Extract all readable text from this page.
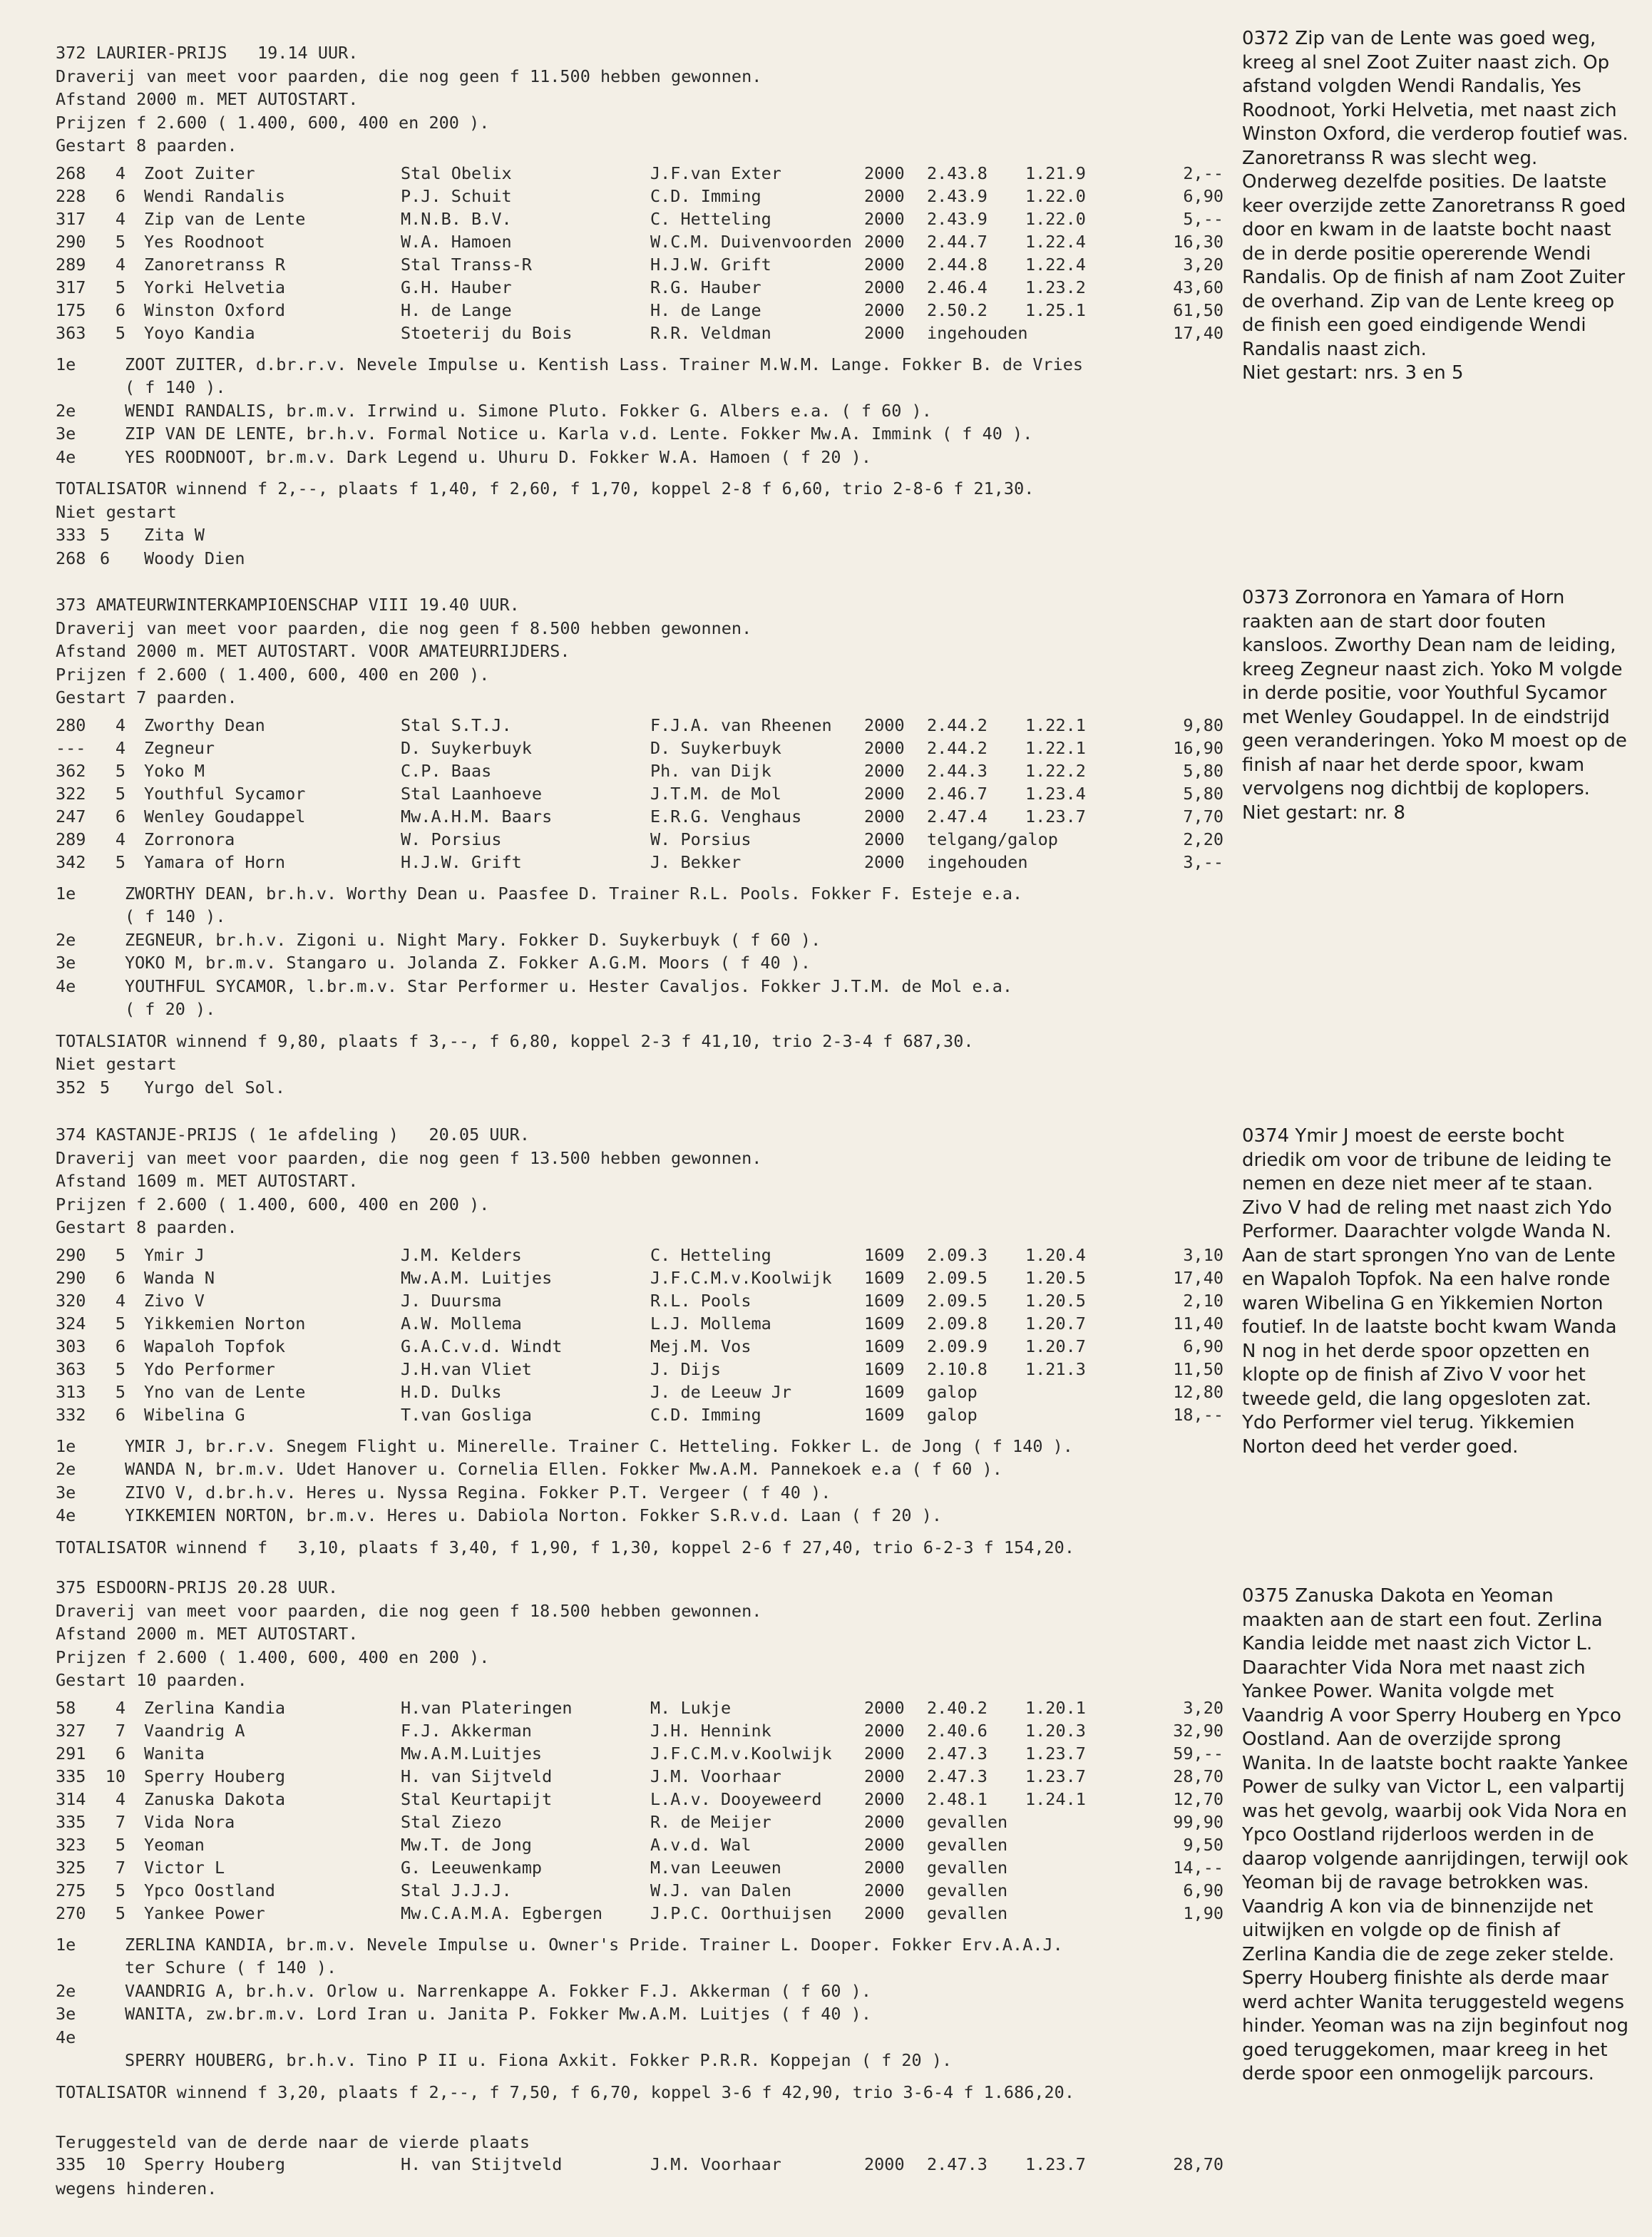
372 LAURIER-PRIJS   19.14 UUR.
Draverij van meet voor paarden, die nog geen f 11.500 hebben gewonnen.
Afstand 2000 m. MET AUTOSTART.
Prijzen f 2.600 ( 1.400, 600, 400 en 200 ).
Gestart 8 paarden.
268	4	Zoot Zuiter	Stal Obelix	J.F.van Exter	2000	2.43.8	1.21.9	2,--
228	6	Wendi Randalis	P.J. Schuit	C.D. Imming	2000	2.43.9	1.22.0	6,90
317	4	Zip van de Lente	M.N.B. B.V.	C. Hetteling	2000	2.43.9	1.22.0	5,--
290	5	Yes Roodnoot	W.A. Hamoen	W.C.M. Duivenvoorden	2000	2.44.7	1.22.4	16,30
289	4	Zanoretranss R	Stal Transs-R	H.J.W. Grift	2000	2.44.8	1.22.4	3,20
317	5	Yorki Helvetia	G.H. Hauber	R.G. Hauber	2000	2.46.4	1.23.2	43,60
175	6	Winston Oxford	H. de Lange	H. de Lange	2000	2.50.2	1.25.1	61,50
363	5	Yoyo Kandia	Stoeterij du Bois	R.R. Veldman	2000	ingehouden		17,40
1e	ZOOT ZUITER, d.br.r.v. Nevele Impulse u. Kentish Lass. Trainer M.W.M. Lange. Fokker B. de Vries
( f 140 ).
2e	WENDI RANDALIS, br.m.v. Irrwind u. Simone Pluto. Fokker G. Albers e.a. ( f 60 ).
3e	ZIP VAN DE LENTE, br.h.v. Formal Notice u. Karla v.d. Lente. Fokker Mw.A. Immink ( f 40 ).
4e	YES ROODNOOT, br.m.v. Dark Legend u. Uhuru D. Fokker W.A. Hamoen ( f 20 ).
TOTALISATOR winnend f 2,--, plaats f 1,40, f 2,60, f 1,70, koppel 2-8 f 6,60, trio 2-8-6 f 21,30.
Niet gestart
333 5	Zita W
268 6	Woody Dien
373 AMATEURWINTERKAMPIOENSCHAP VIII 19.40 UUR.
Draverij van meet voor paarden, die nog geen f 8.500 hebben gewonnen.
Afstand 2000 m. MET AUTOSTART. VOOR AMATEURRIJDERS.
Prijzen f 2.600 ( 1.400, 600, 400 en 200 ).
Gestart 7 paarden.
280	4	Zworthy Dean	Stal S.T.J.	F.J.A. van Rheenen	2000	2.44.2	1.22.1	9,80
---	4	Zegneur	D. Suykerbuyk	D. Suykerbuyk	2000	2.44.2	1.22.1	16,90
362	5	Yoko M	C.P. Baas	Ph. van Dijk	2000	2.44.3	1.22.2	5,80
322	5	Youthful Sycamor	Stal Laanhoeve	J.T.M. de Mol	2000	2.46.7	1.23.4	5,80
247	6	Wenley Goudappel	Mw.A.H.M. Baars	E.R.G. Venghaus	2000	2.47.4	1.23.7	7,70
289	4	Zorronora	W. Porsius	W. Porsius	2000	telgang/galop		2,20
342	5	Yamara of Horn	H.J.W. Grift	J. Bekker	2000	ingehouden		3,--
1e	ZWORTHY DEAN, br.h.v. Worthy Dean u. Paasfee D. Trainer R.L. Pools. Fokker F. Esteje e.a.
( f 140 ).
2e	ZEGNEUR, br.h.v. Zigoni u. Night Mary. Fokker D. Suykerbuyk ( f 60 ).
3e	YOKO M, br.m.v. Stangaro u. Jolanda Z. Fokker A.G.M. Moors ( f 40 ).
4e	YOUTHFUL SYCAMOR, l.br.m.v. Star Performer u. Hester Cavaljos. Fokker J.T.M. de Mol e.a.
( f 20 ).
TOTALSIATOR winnend f 9,80, plaats f 3,--, f 6,80, koppel 2-3 f 41,10, trio 2-3-4 f 687,30.
Niet gestart
352 5	Yurgo del Sol.
374 KASTANJE-PRIJS ( 1e afdeling )   20.05 UUR.
Draverij van meet voor paarden, die nog geen f 13.500 hebben gewonnen.
Afstand 1609 m. MET AUTOSTART.
Prijzen f 2.600 ( 1.400, 600, 400 en 200 ).
Gestart 8 paarden.
290	5	Ymir J	J.M. Kelders	C. Hetteling	1609	2.09.3	1.20.4	3,10
290	6	Wanda N	Mw.A.M. Luitjes	J.F.C.M.v.Koolwijk	1609	2.09.5	1.20.5	17,40
320	4	Zivo V	J. Duursma	R.L. Pools	1609	2.09.5	1.20.5	2,10
324	5	Yikkemien Norton	A.W. Mollema	L.J. Mollema	1609	2.09.8	1.20.7	11,40
303	6	Wapaloh Topfok	G.A.C.v.d. Windt	Mej.M. Vos	1609	2.09.9	1.20.7	6,90
363	5	Ydo Performer	J.H.van Vliet	J. Dijs	1609	2.10.8	1.21.3	11,50
313	5	Yno van de Lente	H.D. Dulks	J. de Leeuw Jr	1609	galop		12,80
332	6	Wibelina G	T.van Gosliga	C.D. Imming	1609	galop		18,--
1e	YMIR J, br.r.v. Snegem Flight u. Minerelle. Trainer C. Hetteling. Fokker L. de Jong ( f 140 ).
2e	WANDA N, br.m.v. Udet Hanover u. Cornelia Ellen. Fokker Mw.A.M. Pannekoek e.a ( f 60 ).
3e	ZIVO V, d.br.h.v. Heres u. Nyssa Regina. Fokker P.T. Vergeer ( f 40 ).
4e	YIKKEMIEN NORTON, br.m.v. Heres u. Dabiola Norton. Fokker S.R.v.d. Laan ( f 20 ).
TOTALISATOR winnend f   3,10, plaats f 3,40, f 1,90, f 1,30, koppel 2-6 f 27,40, trio 6-2-3 f 154,20.
375 ESDOORN-PRIJS 20.28 UUR.
Draverij van meet voor paarden, die nog geen f 18.500 hebben gewonnen.
Afstand 2000 m. MET AUTOSTART.
Prijzen f 2.600 ( 1.400, 600, 400 en 200 ).
Gestart 10 paarden.
58	4	Zerlina Kandia	H.van Plateringen	M. Lukje	2000	2.40.2	1.20.1	3,20
327	7	Vaandrig A	F.J. Akkerman	J.H. Hennink	2000	2.40.6	1.20.3	32,90
291	6	Wanita	Mw.A.M.Luitjes	J.F.C.M.v.Koolwijk	2000	2.47.3	1.23.7	59,--
335	10	Sperry Houberg	H. van Sijtveld	J.M. Voorhaar	2000	2.47.3	1.23.7	28,70
314	4	Zanuska Dakota	Stal Keurtapijt	L.A.v. Dooyeweerd	2000	2.48.1	1.24.1	12,70
335	7	Vida Nora	Stal Ziezo	R. de Meijer	2000	gevallen		99,90
323	5	Yeoman	Mw.T. de Jong	A.v.d. Wal	2000	gevallen		9,50
325	7	Victor L	G. Leeuwenkamp	M.van Leeuwen	2000	gevallen		14,--
275	5	Ypco Oostland	Stal J.J.J.	W.J. van Dalen	2000	gevallen		6,90
270	5	Yankee Power	Mw.C.A.M.A. Egbergen	J.P.C. Oorthuijsen	2000	gevallen		1,90
1e	ZERLINA KANDIA, br.m.v. Nevele Impulse u. Owner's Pride. Trainer L. Dooper. Fokker Erv.A.A.J.
ter Schure ( f 140 ).
2e	VAANDRIG A, br.h.v. Orlow u. Narrenkappe A. Fokker F.J. Akkerman ( f 60 ).
3e	WANITA, zw.br.m.v. Lord Iran u. Janita P. Fokker Mw.A.M. Luitjes ( f 40 ).
4e

SPERRY HOUBERG, br.h.v. Tino P II u. Fiona Axkit. Fokker P.R.R. Koppejan ( f 20 ).
TOTALISATOR winnend f 3,20, plaats f 2,--, f 7,50, f 6,70, koppel 3-6 f 42,90, trio 3-6-4 f 1.686,20.
Teruggesteld van de derde naar de vierde plaats
335	10	Sperry Houberg	H. van Stijtveld	J.M. Voorhaar	2000	2.47.3	1.23.7	28,70
wegens hinderen.

0372 Zip van de Lente was goed weg, kreeg al snel Zoot Zuiter naast zich. Op afstand volgden Wendi Randalis, Yes Roodnoot, Yorki Helvetia, met naast zich Winston Oxford, die verderop foutief was. Zanoretranss R was slecht weg. Onderweg dezelfde posities. De laatste keer overzijde zette Zanoretranss R goed door en kwam in de laatste bocht naast de in derde positie opererende Wendi Randalis. Op de finish af nam Zoot Zuiter de overhand. Zip van de Lente kreeg op de finish een goed eindigende Wendi Randalis naast zich.
Niet gestart: nrs. 3 en 5

0373 Zorronora en Yamara of Horn raakten aan de start door fouten kansloos. Zworthy Dean nam de leiding, kreeg Zegneur naast zich. Yoko M volgde in derde positie, voor Youthful Sycamor met Wenley Goudappel. In de eindstrijd geen veranderingen. Yoko M moest op de finish af naar het derde spoor, kwam vervolgens nog dichtbij de koplopers.
Niet gestart: nr. 8

0374 Ymir J moest de eerste bocht driedik om voor de tribune de leiding te nemen en deze niet meer af te staan. Zivo V had de reling met naast zich Ydo Performer. Daarachter volgde Wanda N. Aan de start sprongen Yno van de Lente en Wapaloh Topfok. Na een halve ronde waren Wibelina G en Yikkemien Norton foutief. In de laatste bocht kwam Wanda N nog in het derde spoor opzetten en klopte op de finish af Zivo V voor het tweede geld, die lang opgesloten zat. Ydo Performer viel terug. Yikkemien Norton deed het verder goed.

0375 Zanuska Dakota en Yeoman maakten aan de start een fout. Zerlina Kandia leidde met naast zich Victor L. Daarachter Vida Nora met naast zich Yankee Power. Wanita volgde met Vaandrig A voor Sperry Houberg en Ypco Oostland. Aan de overzijde sprong Wanita. In de laatste bocht raakte Yankee Power de sulky van Victor L, een valpartij was het gevolg, waarbij ook Vida Nora en Ypco Oostland rijderloos werden in de daarop volgende aanrijdingen, terwijl ook Yeoman bij de ravage betrokken was. Vaandrig A kon via de binnenzijde net uitwijken en volgde op de finish af Zerlina Kandia die de zege zeker stelde. Sperry Houberg finishte als derde maar werd achter Wanita teruggesteld wegens hinder. Yeoman was na zijn beginfout nog goed teruggekomen, maar kreeg in het derde spoor een onmogelijk parcours.
